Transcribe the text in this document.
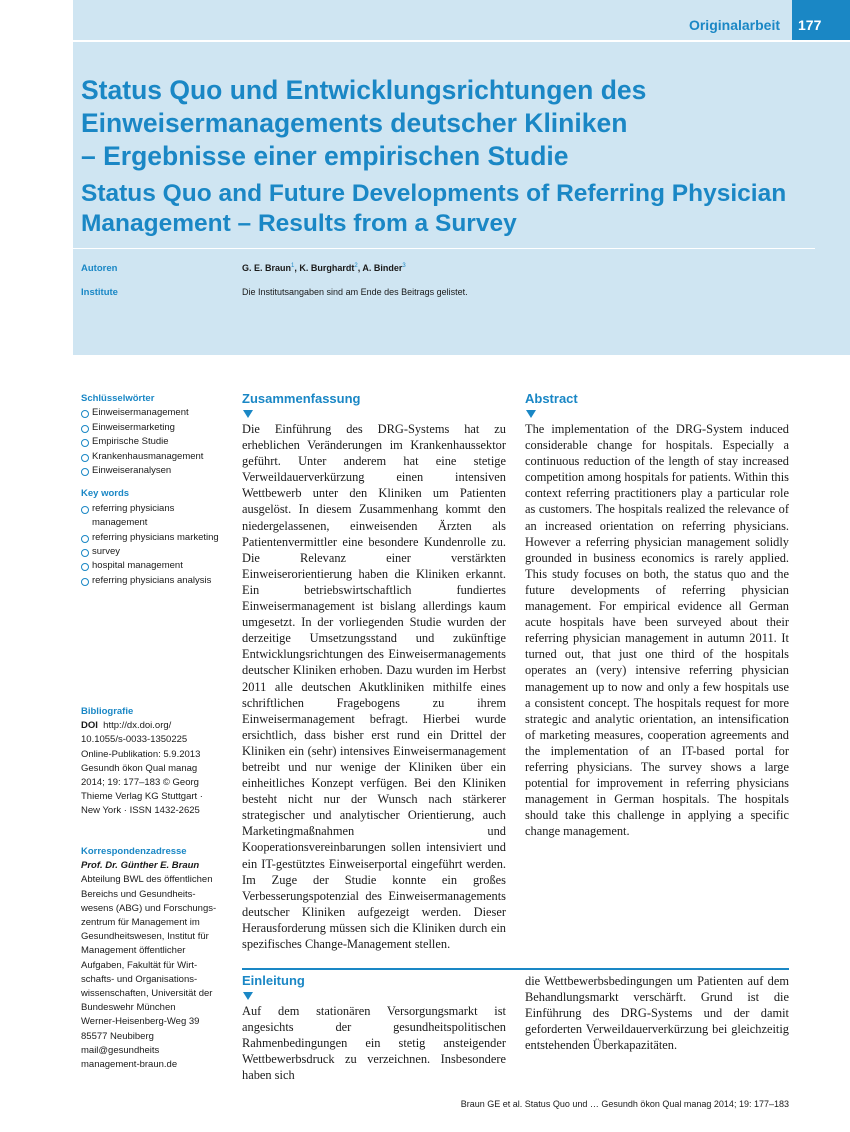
Originalarbeit	177
Status Quo und Entwicklungsrichtungen des
Einweisermanagements deutscher Kliniken
– Ergebnisse einer empirischen Studie
Status Quo and Future Developments of Referring Physician
Management – Results from a Survey
Autoren	G. E. Braun$^1$, K. Burghardt$^2$, A. Binder$^3$
Institute	Die Institutsangaben sind am Ende des Beitrags gelistet.
Schlüsselwörter
Einweisermanagement
Einweisermarketing
Empirische Studie
Krankenhausmanagement
Einweiseranalysen
Key words
referring physicians management
referring physicians marketing
survey
hospital management
referring physicians analysis
Bibliografie
DOI http://dx.doi.org/
10.1055/s-0033-1350225
Online-Publikation: 5.9.2013
Gesundh ökon Qual manag
2014; 19: 177–183 © Georg
Thieme Verlag KG Stuttgart ·
New York · ISSN 1432-2625
Korrespondenzadresse
Prof. Dr. Günther E. Braun
Abteilung BWL des öffentlichen
Bereichs und Gesundheits-
wesens (ABG) und Forschungs-
zentrum für Management im
Gesundheitswesen, Institut für
Management öffentlicher
Aufgaben, Fakultät für Wirt-
schafts- und Organisations-
wissenschaften, Universität der
Bundeswehr München
Werner-Heisenberg-Weg 39
85577 Neubiberg
mail@gesundheits
management-braun.de
Zusammenfassung

Die Einführung des DRG-Systems hat zu erheblichen Veränderungen im Krankenhaussektor geführt. Unter anderem hat eine stetige Verweildauerverkürzung einen intensiven Wettbewerb unter den Kliniken um Patienten ausgelöst. In diesem Zusammenhang kommt den niedergelassenen, einweisenden Ärzten als Patientenvermittler eine besondere Kundenrolle zu. Die Relevanz einer verstärkten Einweiserorientierung haben die Kliniken erkannt. Ein betriebswirtschaftlich fundiertes Einweisermanagement ist bislang allerdings kaum umgesetzt. In der vorliegenden Studie wurden der derzeitige Umsetzungsstand und zukünftige Entwicklungsrichtungen des Einweisermanagements deutscher Kliniken erhoben. Dazu wurden im Herbst 2011 alle deutschen Akutkliniken mithilfe eines schriftlichen Fragebogens zu ihrem Einweisermanagement befragt. Hierbei wurde ersichtlich, dass bisher erst rund ein Drittel der Kliniken ein (sehr) intensives Einweisermanagement betreibt und nur wenige der Kliniken über ein einheitliches Konzept verfügen. Bei den Kliniken besteht nicht nur der Wunsch nach stärkerer strategischer und analytischer Orientierung, auch Marketingmaßnahmen und Kooperationsvereinbarungen sollen intensiviert und ein IT-gestütztes Einweiserportal eingeführt werden. Im Zuge der Studie konnte ein großes Verbesserungspotenzial des Einweisermanagements deutscher Kliniken aufgezeigt werden. Dieser Herausforderung müssen sich die Kliniken durch ein spezifisches Change-Management stellen.

Abstract

The implementation of the DRG-System induced considerable change for hospitals. Especially a continuous reduction of the length of stay increased competition among hospitals for patients. Within this context referring practitioners play a particular role as customers. The hospitals realized the relevance of an increased orientation on referring physicians. However a referring physician management solidly grounded in business economics is rarely applied. This study focuses on both, the status quo and the future developments of referring physician management. For empirical evidence all German acute hospitals have been surveyed about their referring physician management in autumn 2011. It turned out, that just one third of the hospitals operates an (very) intensive referring physician management up to now and only a few hospitals use a consistent concept. The hospitals request for more strategic and analytic orientation, an intensification of marketing measures, cooperation agreements and the implementation of an IT-based portal for referring physicians. The survey shows a large potential for improvement in referring physicians management in German hospitals. The hospitals should take this challenge in applying a specific change management.

Einleitung

Auf dem stationären Versorgungsmarkt ist angesichts der gesundheitspolitischen Rahmenbedingungen ein stetig ansteigender Wettbewerbsdruck zu verzeichnen. Insbesondere haben sich

die Wettbewerbsbedingungen um Patienten auf dem Behandlungsmarkt verschärft. Grund ist die Einführung des DRG-Systems und der damit geforderten Verweildauerverkürzung bei gleichzeitig entstehenden Überkapazitäten.

Braun GE et al. Status Quo und … Gesundh ökon Qual manag 2014; 19: 177–183
